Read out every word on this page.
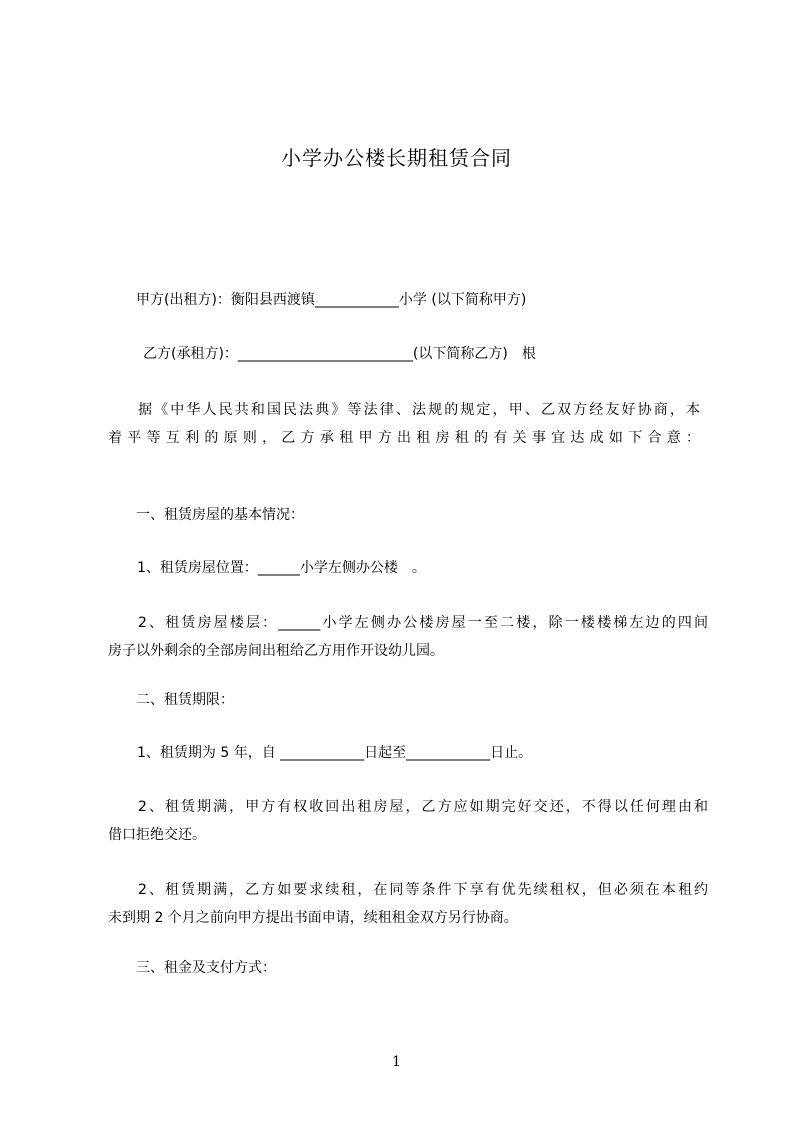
小学办公楼长期租赁合同
甲方(出租方)：衡阳县西渡镇____________小学 (以下简称甲方)
乙方(承租方)：_________________________(以下简称乙方)　根
据《中华人民共和国民法典》等法律、法规的规定，甲、乙双方经友好协商，本
着平等互利的原则，乙方承租甲方出租房租的有关事宜达成如下合意：
一、租赁房屋的基本情况：
1、租赁房屋位置：______小学左侧办公楼　。
2、租赁房屋楼层：______小学左侧办公楼房屋一至二楼，除一楼楼梯左边的四间
房子以外剩余的全部房间出租给乙方用作开设幼儿园。
二、租赁期限：
1、租赁期为 5 年，自 ____________日起至____________日止。
2、租赁期满，甲方有权收回出租房屋，乙方应如期完好交还，不得以任何理由和
借口拒绝交还。
2、租赁期满，乙方如要求续租，在同等条件下享有优先续租权，但必须在本租约
未到期 2 个月之前向甲方提出书面申请，续租租金双方另行协商。
三、租金及支付方式：
1
